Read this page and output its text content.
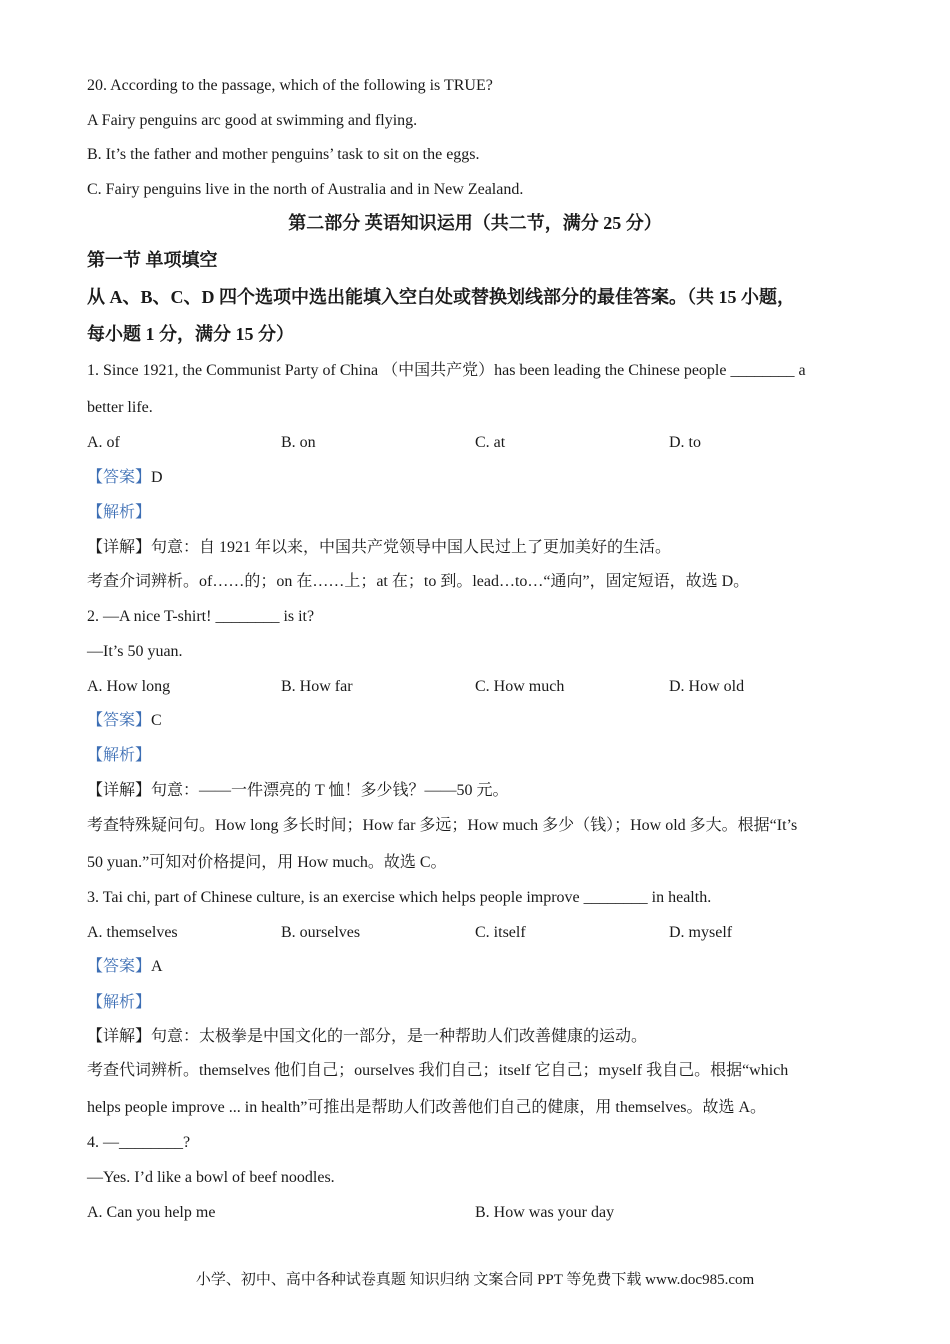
20. According to the passage, which of the following is TRUE?
A Fairy penguins arc good at swimming and flying.
B. It’s the father and mother penguins’ task to sit on the eggs.
C. Fairy penguins live in the north of Australia and in New Zealand.
第二部分 英语知识运用（共二节，满分 25 分）
第一节 单项填空
从 A、B、C、D 四个选项中选出能填入空白处或替换划线部分的最佳答案。（共 15 小题，
每小题 1 分，满分 15 分）
1. Since 1921, the Communist Party of China （中国共产党）has been leading the Chinese people ________ a
better life.
A. of	B. on	C. at	D. to
【答案】D
【解析】
【详解】句意：自 1921 年以来，中国共产党领导中国人民过上了更加美好的生活。
考查介词辨析。of……的；on 在……上；at 在；to 到。lead…to…“通向”，固定短语，故选 D。
2. —A nice T-shirt! ________ is it?
—It’s 50 yuan.
A. How long	B. How far	C. How much	D. How old
【答案】C
【解析】
【详解】句意：——一件漂亮的 T 恤！多少钱？——50 元。
考查特殊疑问句。How long 多长时间；How far 多远；How much 多少（钱）；How old 多大。根据“It’s
50 yuan.”可知对价格提问，用 How much。故选 C。
3. Tai chi, part of Chinese culture, is an exercise which helps people improve ________ in health.
A. themselves	B. ourselves	C. itself	D. myself
【答案】A
【解析】
【详解】句意：太极拳是中国文化的一部分，是一种帮助人们改善健康的运动。
考查代词辨析。themselves 他们自己；ourselves 我们自己；itself 它自己；myself 我自己。根据“which
helps people improve ... in health”可推出是帮助人们改善他们自己的健康，用 themselves。故选 A。
4. —________?
—Yes. I’d like a bowl of beef noodles.
A. Can you help me	B. How was your day
小学、初中、高中各种试卷真题 知识归纳 文案合同 PPT 等免费下载 www.doc985.com
